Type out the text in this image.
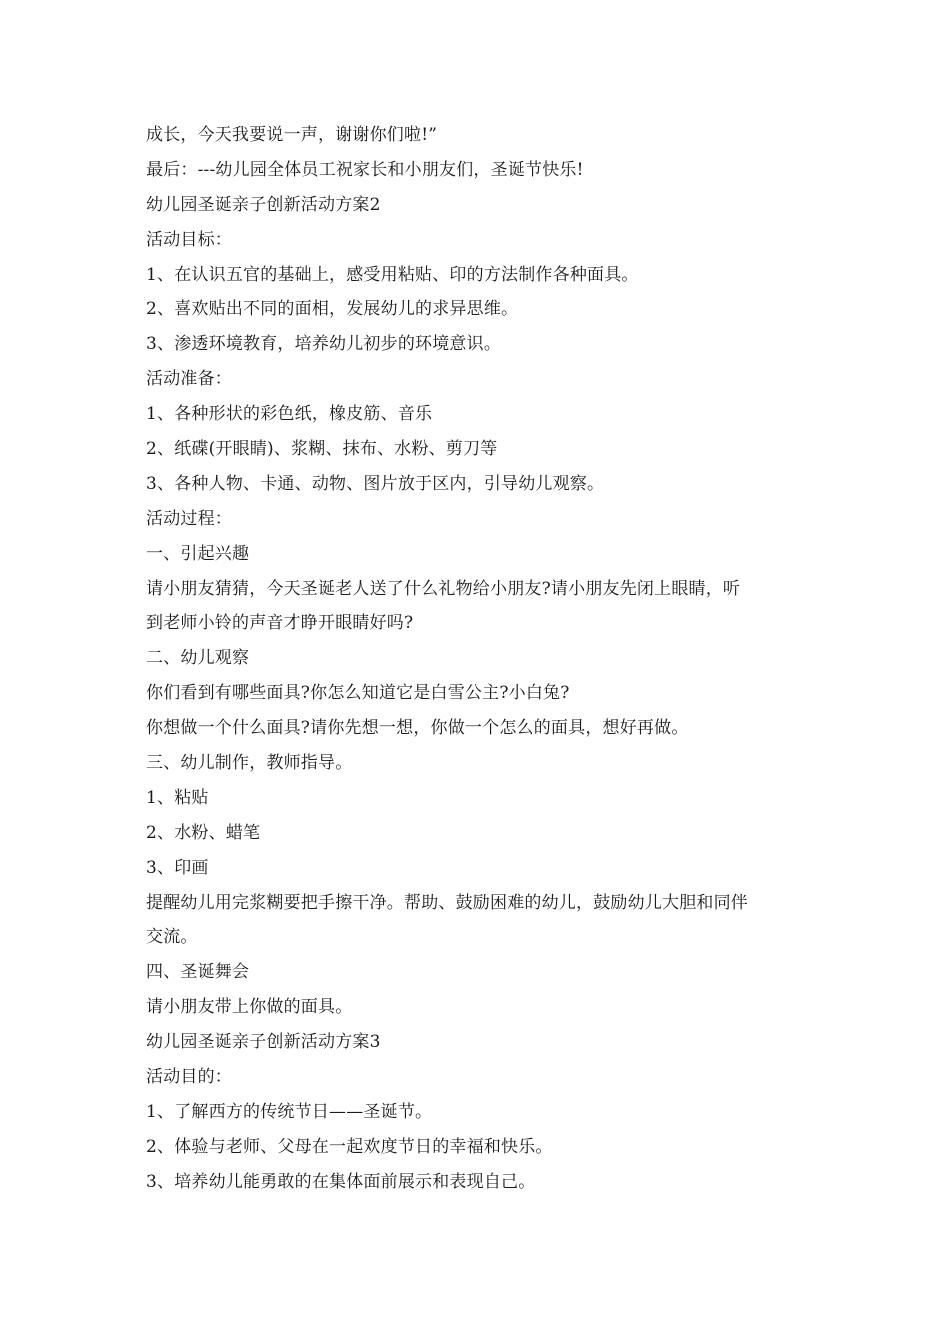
成长，今天我要说一声，谢谢你们啦!”
最后：---幼儿园全体员工祝家长和小朋友们，圣诞节快乐!
幼儿园圣诞亲子创新活动方案2
活动目标：
1、在认识五官的基础上，感受用粘贴、印的方法制作各种面具。
2、喜欢贴出不同的面相，发展幼儿的求异思维。
3、渗透环境教育，培养幼儿初步的环境意识。
活动准备：
1、各种形状的彩色纸，橡皮筋、音乐
2、纸碟(开眼睛)、浆糊、抹布、水粉、剪刀等
3、各种人物、卡通、动物、图片放于区内，引导幼儿观察。
活动过程：
一、引起兴趣
请小朋友猜猜，今天圣诞老人送了什么礼物给小朋友?请小朋友先闭上眼睛，听
到老师小铃的声音才睁开眼睛好吗?
二、幼儿观察
你们看到有哪些面具?你怎么知道它是白雪公主?小白兔?
你想做一个什么面具?请你先想一想，你做一个怎么的面具，想好再做。
三、幼儿制作，教师指导。
1、粘贴
2、水粉、蜡笔
3、印画
提醒幼儿用完浆糊要把手擦干净。帮助、鼓励困难的幼儿，鼓励幼儿大胆和同伴
交流。
四、圣诞舞会
请小朋友带上你做的面具。
幼儿园圣诞亲子创新活动方案3
活动目的：
1、了解西方的传统节日——圣诞节。
2、体验与老师、父母在一起欢度节日的幸福和快乐。
3、培养幼儿能勇敢的在集体面前展示和表现自己。
